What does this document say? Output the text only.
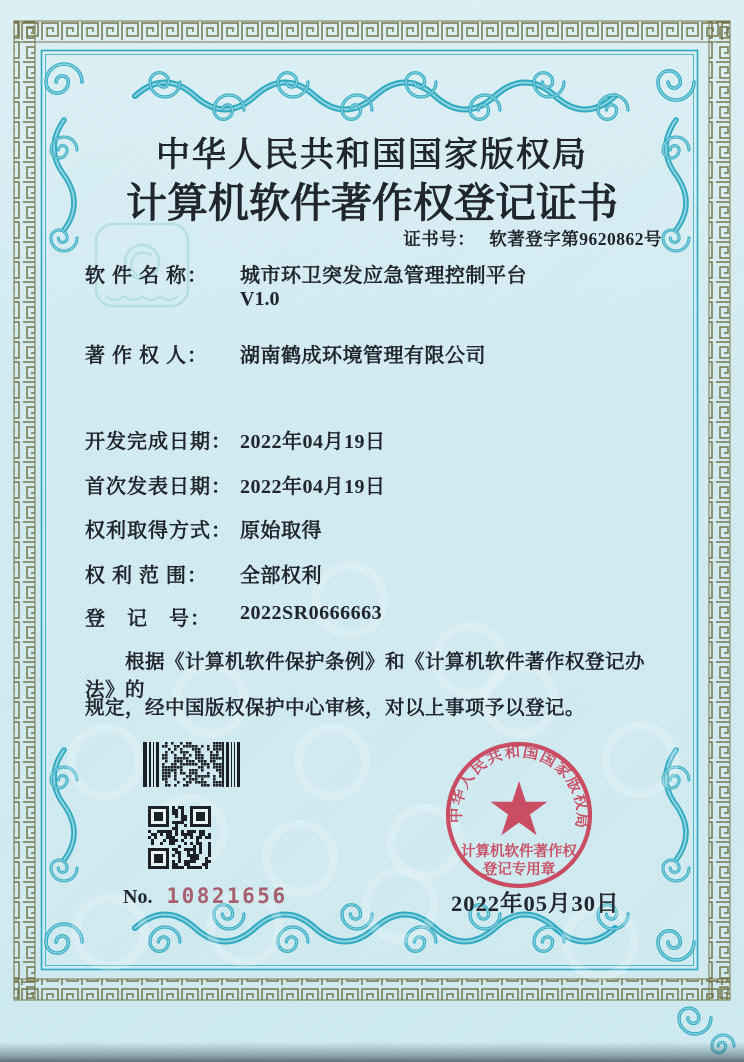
中华人民共和国国家版权局
计算机软件著作权登记证书
证书号： 软著登字第9620862号
软 件 名 称： 城市环卫突发应急管理控制平台
V1.0
著 作 权 人： 湖南鹤成环境管理有限公司
开发完成日期： 2022年04月19日
首次发表日期： 2022年04月19日
权利取得方式： 原始取得
权 利 范 围： 全部权利
登　记　号： 2022SR0666663
根据《计算机软件保护条例》和《计算机软件著作权登记办法》的
规定，经中国版权保护中心审核，对以上事项予以登记。
No. 10821656
中华人民共和国国家版权局
计算机软件著作权
登记专用章
2022年05月30日
